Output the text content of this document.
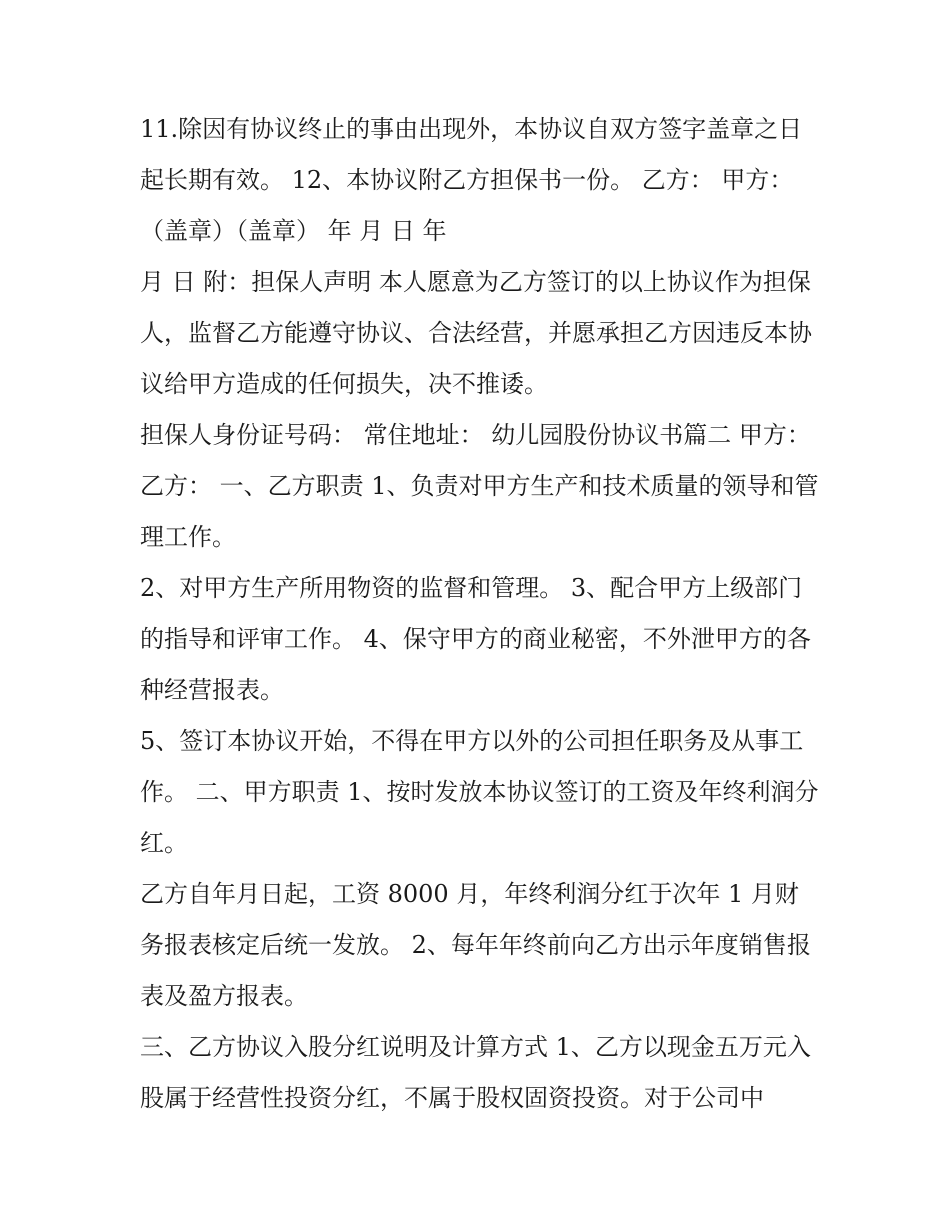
11.除因有协议终止的事由出现外，本协议自双方签字盖章之日起长期有效。 12、本协议附乙方担保书一份。 乙方： 甲方：（盖章）（盖章） 年 月 日 年

月 日 附：担保人声明 本人愿意为乙方签订的以上协议作为担保人，监督乙方能遵守协议、合法经营，并愿承担乙方因违反本协议给甲方造成的任何损失，决不推诿。

担保人身份证号码： 常住地址： 幼儿园股份协议书篇二 甲方： 乙方： 一、乙方职责 1、负责对甲方生产和技术质量的领导和管理工作。

2、对甲方生产所用物资的监督和管理。 3、配合甲方上级部门的指导和评审工作。 4、保守甲方的商业秘密，不外泄甲方的各种经营报表。

5、签订本协议开始，不得在甲方以外的公司担任职务及从事工作。 二、甲方职责 1、按时发放本协议签订的工资及年终利润分红。

乙方自年月日起，工资 8000 月，年终利润分红于次年 1 月财务报表核定后统一发放。 2、每年年终前向乙方出示年度销售报表及盈方报表。

三、乙方协议入股分红说明及计算方式 1、乙方以现金五万元入股属于经营性投资分红，不属于股权固资投资。对于公司中
